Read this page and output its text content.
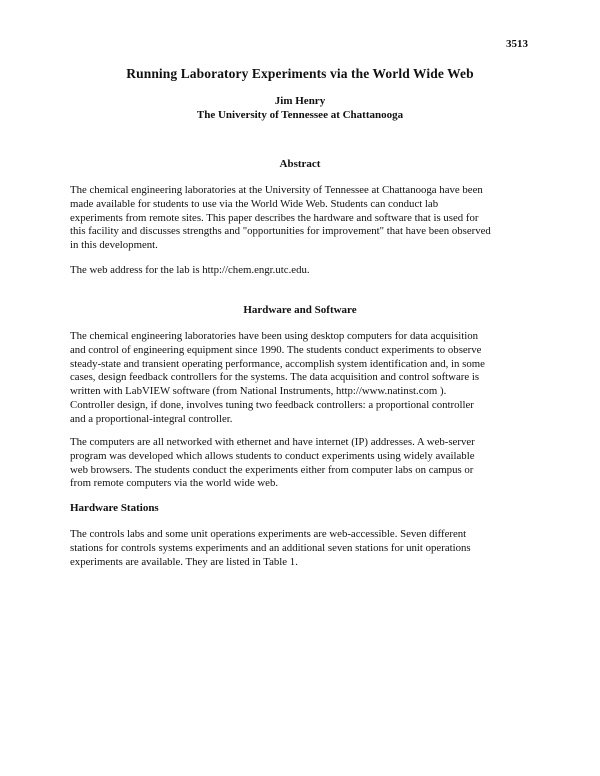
3513
Running Laboratory Experiments via the World Wide Web
Jim Henry
The University of Tennessee at Chattanooga
Abstract
The chemical engineering laboratories at the University of Tennessee at Chattanooga have been
made available for students to use via the World Wide Web. Students can conduct lab
experiments from remote sites. This paper describes the hardware and software that is used for
this facility and discusses strengths and "opportunities for improvement" that have been observed
in this development.
The web address for the lab is http://chem.engr.utc.edu.
Hardware and Software
The chemical engineering laboratories have been using desktop computers for data acquisition
and control of engineering equipment since 1990. The students conduct experiments to observe
steady-state and transient operating performance, accomplish system identification and, in some
cases, design feedback controllers for the systems. The data acquisition and control software is
written with LabVIEW software (from National Instruments, http://www.natinst.com ).
Controller design, if done, involves tuning two feedback controllers: a proportional controller
and a proportional-integral controller.
The computers are all networked with ethernet and have internet (IP) addresses. A web-server
program was developed which allows students to conduct experiments using widely available
web browsers. The students conduct the experiments either from computer labs on campus or
from remote computers via the world wide web.
Hardware Stations
The controls labs and some unit operations experiments are web-accessible. Seven different
stations for controls systems experiments and an additional seven stations for unit operations
experiments are available. They are listed in Table 1.
